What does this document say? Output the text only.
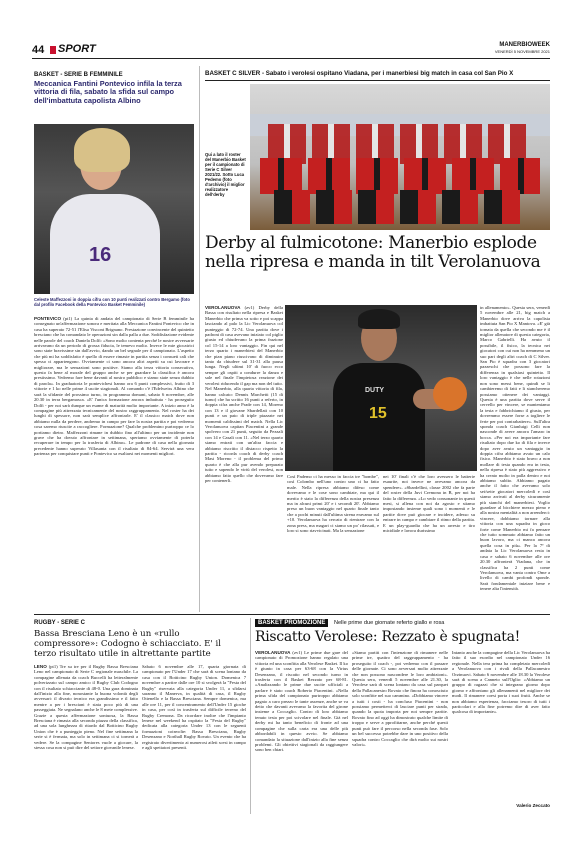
44 SPORT	MANERBIOWEEK
VENERDÌ 5 NOVEMBRE 2021
BASKET - SERIE B FEMMINILE
Meccanica Fantini Pontevico infila la terza vittoria di fila, sabato la sfida sul campo dell'imbattuta capolista Albino
16
Celeste Maffezzoni in doppia cifra con 10 punti realizzati contro Bergamo (foto dal profilo Facebook della Pontevico Basket Femminile)
PONTEVICO (pt1) La quinta di andata del campionato di Serie B femminile ha consegnato un'affermazione sonora e meritata alla Meccanica Fantini Pontevico che in casa ha superato 72-51 l'Elisa Viscont Brignano. Prestazione convincente del quintetto bresciano che ha comandato le operazioni sin dalla palla a due. Soddisfazione evidente nelle parole del coach Daniela Dolfi: «Sono molto contenta perché le nostre avversarie arrivavano da un periodo di grossa fiducia, le temevo molto. Invece le mie giocatrici sono state bravissime sin dall'avvio, dando un bel segnale per il campionato. L'aspetto che più mi ha soddisfatto è quello di essere rimaste in partita senza i consueti cali che spesso ci appartengono. Ovviamente ci sono ancora altri aspetti su cui lavorare e migliorare, ma le sensazioni sono positive. Siamo alla terza vittoria consecutiva, questo fa bene al morale del gruppo anche se per guardare la classifica è ancora prestissimo. Vedremo fare bene davanti al nostro pubblico e siamo state senza dubbio di parola». In graduatoria le pontevichesi hanno ora 6 punti complessivi, frutto di 3 vittorie e 1 ko nelle prime 4 uscite stagionali. Al comando c'è l'Edelweiss Albino che sarà la sfidante del prossimo turno, in programma domani, sabato 6 novembre, alle 20.30 in terra bergamasca. «E' l'unica formazione ancora imbattuta - ha proseguito Dolfi - per noi sarà dunque un esame di maturità molto importante. A inizio anno è la compagine più attrezzata tecnicamente del nostro raggruppamento. Nel roster ha dei lunghi di spessore, non sarà semplice affrontarle. E' il classico match dove non abbiamo nulla da perdere, andremo in campo per fare la nostra partita e poi vedremo cosa saremo riuscite a raccogliere. Formazione? Qualche problemino purtroppo ce lo portiamo dietro. Maffezzoni rimane in dubbio fino all'ultimo per un incidente non grave che ha dovuto affrontare in settimana, speriamo ovviamente di poterla recuperare in tempo per la trasferta di Albino». Le padrone di casa nella giornata precedente hanno superato Villasanta con il risultato di 84-64. Servirà una vera partenza per conquistare punti e Pontevico sa esaltarsi nei momenti migliori.
BASKET C SILVER - Sabato i verolesi ospitano Viadana, per i manerbiesi big match in casa col San Pio X
Qui a lato il roster del Manerbio Basket per il campionato di Serie C Silver 2021/22. Sotto Luca Pedemo (foto d'archivio) il miglior realizzatore dell'derby
Derby al fulmicotone: Manerbio esplode nella ripresa e manda in tilt Verolanuova
15
DUTY
VEROLANUOVA (zv1) Derby della Bassa con risultato nella ripresa e Basket Manerbio che prima va sotto e poi scappa lasciando al palo la Lic Verolanuova col punteggio di 72-74. Una partita dove i padroni di casa avevano iniziato col piglio giusto ed chiudevano la prima frazione col 15-14 a loro vantaggio. Fin qui nel terzo quarto i manerbiesi del Manerbio che pian piano riuscivano di diminuire tanto da chiudere sul 31-31 alla pausa lunga. Negli ultimi 10' di fuoco ecco sempre gli ospiti a condurre la danza e sale nel finale l'impietosa reazione dei verolesi riducendo il gap ma non del tutto. Nel Manerbio, alla quarta vittoria di fila, hanno calcato: Dennis Marchetti (15 di turno) che ha scritto 16 punti a referto, in doppia cifra anche Prade con 14, Moreno con 13 e il giovane Sbardellati con 10 punti e un paio di triple piazzate nei momenti caldissimi del match. Nella Lic Verolanuova capitan Piacentini a grande spolvero con 21 punti, seguito da Pezzali con 14 e Casali con 11. «Nel terzo quarto siamo entrati con un'altra faccia e abbiamo riscritto il distacco rispetto la partita - ricorda coach di derby coach Masi Moreno - il problema del primo quarto è che alla pur avendo preparato tutto e sapendo le virtù del verolesi, non abbiamo fatto quello che dovevamo fare per contenerli.
Così Pademo ci ha messo in faccia tre "bombe", così Colombo nell'uno contro uno ci ha fatto male. Nella ripresa abbiamo difeso come dovevamo e le cose sono cambiate, ma qui il merito è stato la differenza della nostra presenza ma in alcuni primi 20' e i secondi 20'. Abbiamo preso un buon vantaggio nel quarto finale tanto che a pochi minuti dall'ultima sirena eravamo sul +10. Verolanuova ha cercato di rientrare con la zona press, ma magari ci siamo un po' rilassati, e loro si sono riavvicinati. Ma la sensazione
nei 10' finali c'è che loro avessero le batterie esaurite, noi invece ne avevamo ancora da spendere». «Sbardellini, classe 2002 che fa parte del roster della Juvi Cremona in B, per noi ha fatto la differenza. «Lo vedo consonante in questi mesi, si allena con noi da agosto e stiamo impostando insieme quali sono i momenti e le partite dove può giocare e incidere, adesso su entrare in campo e cambiare il ritmo della partita. E un play-guardia che ha un arresto e tiro micidiale e lavora durissimo
in allenamento». Questa sera, venerdì 5 novembre alle 21, big match a Manerbio dove arriva la capolista imbattuta San Pio X Mantova. «E' già tornata da quella che secondo me è il miglior allenatore di questa categoria, Marco Gabrielli. Ha avuto il possibile, il fisico, la tecnica nei giocatori con cui non ha nemmeno un suo pari degli altri coach di C Silver. San Pio è squadra con 3 giocatori pazzeschi che possono fare la differenza in qualsiasi quintetto. Il loro vantaggio è che nelle rotazioni non sono messi bene, quindi se li cambieremo di fatti e li stancheremo possiamo ottenere dei vantaggi. Questa è una partita dove serve il cervello per vincere, se manteniamo la testa e fabbrichiamo il giusto, per dovremmo essere forse a togliere le ferie per poi contrabattere». Sull'altra sponda coach Gianluigi Celli non nasconde di avere ancora l'amaro in bocca. «Per noi era importante fare risultato dopo due ko di fila e invece dopo aver avuto un vantaggio in doppia cifra abbiamo avuto un calo fisico. Manerbio è stato bravo a non mollare di testa quando era in testa, nella ripresa è stato più aggressivo e ha creato molto in palla dentro e noi abbiamo subìto. Abbiamo pagato anche il fatto che avevamo solo sei/sette giocatori mercoledì e così siamo arrivati al derby sicuramente più stanchi del manerbiesi. Voglio guardare al bicchiere mezzo pieno e alla nostra mentalità a non arrenderci: vincere, dobbiamo tornare alla vittoria con una squadra in gioco forte come Manerbio mi fa pensare che tutto sommato abbiamo fatto un buon lavoro, ma ci manca ancora quella cosa in più». Per la 7ª di andata la Lic Verolanuova resta in casa e sabato 6 novembre alle ore 20.30 affronterà Viadana, che in classifica ha 2 punti come Verolanuova, ma vanta contro Ome a livello di cambi profondi sponde. Sarà fondamentale iniziare bene e tenere alta l'intensità.
RUGBY - SERIE C
Bassa Bresciana Leno è un «rullo compressore»: Codogno è schiacciato. E' il terzo risultato utile in altrettante partite
LENO (pt1) Tre su tre per il Rugby Bassa Bresciana Leno nel campionato di Serie C regionale maschile. La compagine allenata da coach Buccelli ha letteralmente polverizzato sul campo amico il Rugby Club Codogno con il risultato schiacciante di 48-0. Una gara dominata dall'inizio alla fine, nonostante la buona volontà degli avversari: il divario tecnico era grandissimo e il fatto mentre a per i bresciani è stata poco più di una passeggiata. Ne segnalano anche le 8 mete complessive. Grazie a questa affermazione sontuosa, la Bassa Bresciana è rimasta alla seconda piazza della classifica, ad una sola lunghezza di ritardo dal Botticino Rugby Union che è a punteggio pieno. Nel fine settimana la serie si è fermata, ma solo in settimana ci si tornerà a vedere. Se la compagine Seniores vuole a giocare, la stessa cosa non si può dire del settore giovanile lenese.
Sabato 6 novembre alle 17, quarta giornata di campionato per l'Under 17 che sarà di scena lontano da casa con il Botticino Rugby Union. Domenica 7 novembre a partire dalle ore 10 si svolgerà la "Festa del Rugby" riservata alla categoria Under 11, a sfidarsi saranno il Manerva, in qualità di casa, il Rugby Ottenello e la Bassa Bresciana. Sempre domenica, ma alle ore 11, per il concentramento dell'Under 15 gioche in casa, per così in trasferta sul difficile terreno del Rugby Cremona. Da ricordare inoltre che l'impianto lenese nel weekend ha ospitato la "Festa del Rugby" dedicata alla categoria Under 13 con le seguenti formazioni coinvolte: Bassa Bresciana, Rugby Desenzano e Northall Rugby Rovato. Un evento che ha registrato divertimento ai numerosi atleti scesi in campo e agli spettatori presenti.
BASKET PROMOZIONE	Nelle prime due giornate referto giallo e rosa
Riscatto Verolese: Rezzato è spugnata!
VEROLANUOVA (zv1) Le prime due gare del campionato di Promozione hanno regalato una vittoria ed una sconfitta alla Verolese Basket. Il ko è giunto in casa per 63-68 con la Virtus Desenzano, il riscatto nel secondo turno in trasferta con il Basket Rezzato per 68-81. «Analizzando le prime due uscite ufficiali a parlare è stato coach Roberto Piacentini. «Nella prima sfida del campionato purtroppo abbiamo pagato a caro prezzo le tante assenze, anche se va detto che davanti avevamo la favorita del girone insieme a Coccaglio. Contro di loro abbiamo tenuto testa per poi scivolare nel finale. Già nel derby mi ha tanto beneficio di fronte ad una compagine che sulla carta era una delle più abbordabili in questo avvio. Se abbiamo comandato la situazione dall'inizio alla fine senza problemi. Gli obiettivi stagionali da raggiungere sono ben chiari.
«Siamo partiti con l'intenzione di rimanere nelle prime tre, quattro del raggruppamento - ha proseguito il coach -, poi vedremo con il passare delle giornate. Ci sono avversari molto attrezzate che non possono nascondere le loro ambizioni». Questa sera, venerdì 5 novembre alle 21.30, la Verolese sarà di scena lontano da casa sul parquet della Pallacanestro Rovato che finora ha conosciuto solo sconfitte nel suo cammino. «Dobbiamo vincere a tutti i costi - ha concluso Piacentini - non possiamo permetterci di lasciare punti per strada, quando la quota importa per noi sempre partite. Rovato fino ad oggi ha dimostrato qualche limite di troppo e serve a pprofittarne, anche perché questi punti può fare il percorso nella seconda fase. Solo un bel successo potrebbe dare in uno positivo della squadra contro Coccaglio che dirà molto sui nostri valori».
Intanto anche la compagine della Lic Verolanuova ha fatto il suo esordio nel campionato Under 16 regionale. Nella tera prima ha completato mercoledì a Verolanuova con i rivali della Pallacanestro Orzinuovi. Sabato 6 novembre alle 18.30 la Verolese sarà di scena a Canneto sull'Oglio: «Abbiamo un gruppo di ragazzi che si integrano giorno dopo giorno e affrontano gli allenamenti nel migliore dei modi. Il rimanere coesi porta i suoi frutti. Anche se non abbiamo esperienza, facciamo tesoro di tutti i particolari e alla fine potremo dire di aver fatto qualcosa di importante».
Valerio Zeccato
